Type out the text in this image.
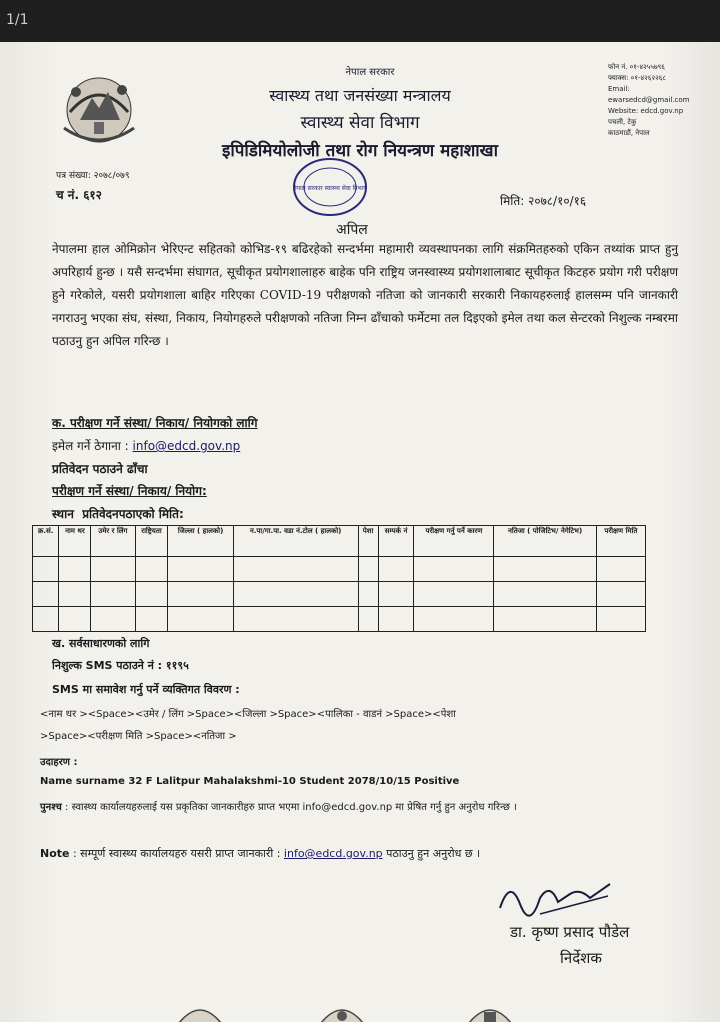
1/1
नेपाल सरकार
स्वास्थ्य तथा जनसंख्या मन्त्रालय
स्वास्थ्य सेवा विभाग
इपिडिमियोलोजी तथा रोग नियन्त्रण महाशाखा
फोन नं. ०१-४२५५७९६
फ्याक्स: ०१-४२६२२६८
Email:
ewarsedcd@gmail.com
Website: edcd.gov.np
पचली, टेकु
काठमाडौं, नेपाल
पत्र संख्या: २०७८/०७९
च नं. ६१२	नेपाल सरकार स्वास्थ्य सेवा विभाग
मिति: २०७८/१०/१६
अपिल
नेपालमा हाल ओमिक्रोन भेरिएन्ट सहितको कोभिड-१९ बढिरहेको सन्दर्भमा महामारी व्यवस्थापनका लागि संक्रमितहरुको एकिन तथ्यांक प्राप्त हुनु अपरिहार्य हुन्छ । यसै सन्दर्भमा संघागत, सूचीकृत प्रयोगशालाहरु बाहेक पनि राष्ट्रिय जनस्वास्थ्य प्रयोगशालाबाट सूचीकृत किटहरु प्रयोग गरी परीक्षण हुने गरेकोले, यसरी प्रयोगशाला बाहिर गरिएका COVID-19 परीक्षणको नतिजा को जानकारी सरकारी निकायहरुलाई हालसम्म पनि जानकारी नगराउनु भएका संघ, संस्था, निकाय, नियोगहरुले परीक्षणको नतिजा निम्न ढाँचाको फर्मेटमा तल दिइएको इमेल तथा कल सेन्टरको निशुल्क नम्बरमा पठाउनु हुन अपिल गरिन्छ ।
क. परीक्षण गर्ने संस्था/ निकाय/ नियोगको लागि
इमेल गर्ने ठेगाना : info@edcd.gov.np
प्रतिवेदन पठाउने ढाँचा
परीक्षण गर्ने संस्था/ निकाय/ नियोग:
स्थान प्रतिवेदनपठाएको मिति:
क्र.सं.	नाम थर	उमेर र लिंग	राष्ट्रियता	जिल्ला ( हालको)	न.पा/गा.पा. वडा नं.टोल ( हालको)	पेशा	सम्पर्क नं	परीक्षण गर्नु पर्ने कारण	नतिजा ( पोजिटिभ/ नेगेटिभ)	परीक्षण मिति

ख. सर्वसाधारणको लागि
निशुल्क SMS पठाउने नं : ११९५
SMS मा समावेश गर्नु पर्ने व्यक्तिगत विवरण :
<नाम थर ><Space><उमेर / लिंग >Space><जिल्ला >Space><पालिका - वाडनं >Space><पेशा
>Space><परीक्षण मिति >Space><नतिजा >
उदाहरण :
Name surname 32 F Lalitpur Mahalakshmi-10 Student 2078/10/15 Positive
पुनश्च : स्वास्थ्य कार्यालयहरुलाई यस प्रकृतिका जानकारीहरु प्राप्त भएमा info@edcd.gov.np मा प्रेषित गर्नु हुन अनुरोध गरिन्छ ।
Note : सम्पूर्ण स्वास्थ्य कार्यालयहरु यसरी प्राप्त जानकारी : info@edcd.gov.np पठाउनु हुन अनुरोध छ ।
डा. कृष्ण प्रसाद पौडेल
निर्देशक
